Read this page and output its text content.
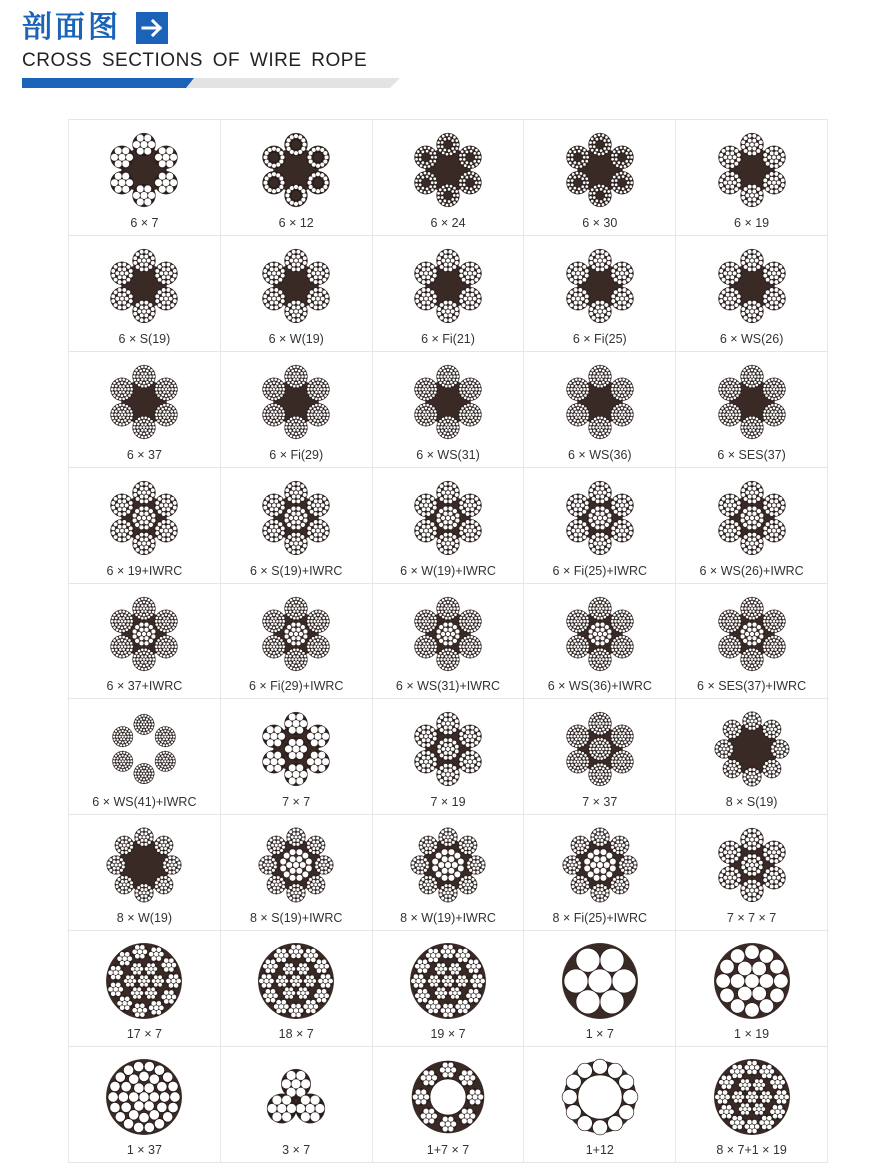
剖面图
CROSS SECTIONS OF WIRE ROPE
6 × 7	6 × 12	6 × 24	6 × 30	6 × 19
6 × S(19)	6 × W(19)	6 × Fi(21)	6 × Fi(25)	6 × WS(26)
6 × 37	6 × Fi(29)	6 × WS(31)	6 × WS(36)	6 × SES(37)
6 × 19+IWRC	6 × S(19)+IWRC	6 × W(19)+IWRC	6 × Fi(25)+IWRC	6 × WS(26)+IWRC
6 × 37+IWRC	6 × Fi(29)+IWRC	6 × WS(31)+IWRC	6 × WS(36)+IWRC	6 × SES(37)+IWRC
6 × WS(41)+IWRC	7 × 7	7 × 19	7 × 37	8 × S(19)
8 × W(19)	8 × S(19)+IWRC	8 × W(19)+IWRC	8 × Fi(25)+IWRC	7 × 7 × 7
17 × 7	18 × 7	19 × 7	1 × 7	1 × 19
1 × 37	3 × 7	1+7 × 7	1+12	8 × 7+1 × 19
